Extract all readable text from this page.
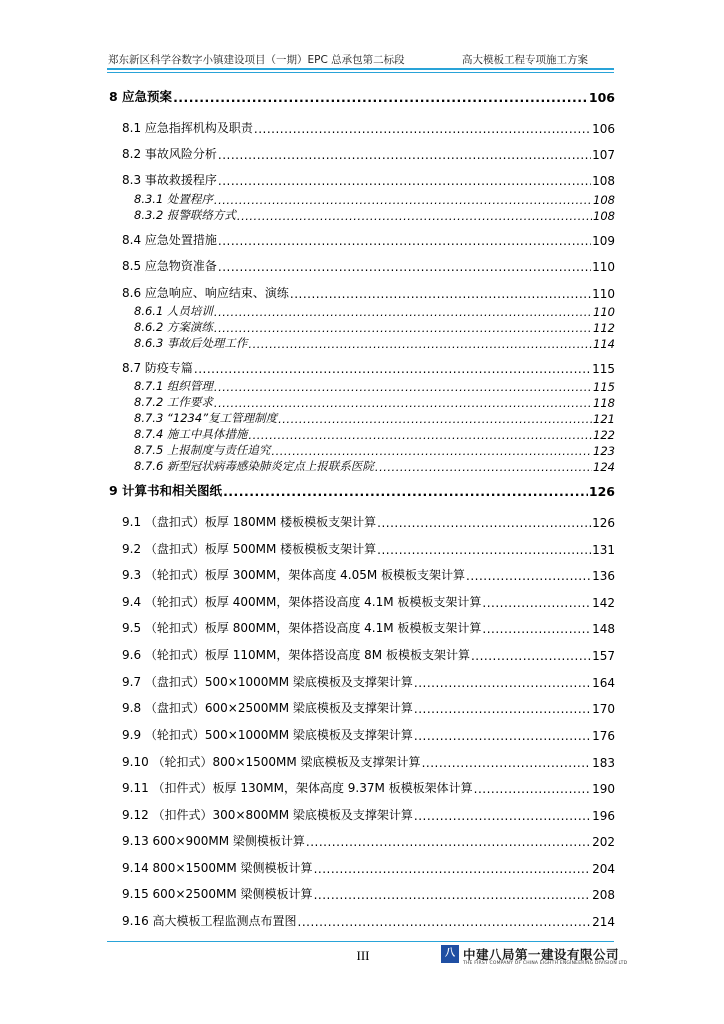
郑东新区科学谷数字小镇建设项目（一期）EPC 总承包第二标段	高大模板工程专项施工方案
8 应急预案 .....	106
8.1 应急指挥机构及职责 .....	106
8.2 事故风险分析 .....	107
8.3 事故救援程序 .....	108
8.3.1 处置程序 .....	108
8.3.2 报警联络方式 .....	108
8.4 应急处置措施 .....	109
8.5 应急物资准备 .....	110
8.6 应急响应、响应结束、演练 .....	110
8.6.1 人员培训 .....	110
8.6.2 方案演练 .....	112
8.6.3 事故后处理工作 .....	114
8.7 防疫专篇 .....	115
8.7.1 组织管理 .....	115
8.7.2 工作要求 .....	118
8.7.3 “1234”复工管理制度 .....	121
8.7.4 施工中具体措施 .....	122
8.7.5 上报制度与责任追究 .....	123
8.7.6 新型冠状病毒感染肺炎定点上报联系医院 .....	124
9 计算书和相关图纸 .....	126
9.1 （盘扣式）板厚 180MM 楼板模板支架计算 .....	126
9.2 （盘扣式）板厚 500MM 楼板模板支架计算 .....	131
9.3 （轮扣式）板厚 300MM，架体高度 4.05M 板模板支架计算 .....	136
9.4 （轮扣式）板厚 400MM，架体搭设高度 4.1M 板模板支架计算 .....	142
9.5 （轮扣式）板厚 800MM，架体搭设高度 4.1M 板模板支架计算 .....	148
9.6 （轮扣式）板厚 110MM，架体搭设高度 8M 板模板支架计算 .....	157
9.7 （盘扣式）500×1000MM 梁底模板及支撑架计算 .....	164
9.8 （盘扣式）600×2500MM 梁底模板及支撑架计算 .....	170
9.9 （轮扣式）500×1000MM 梁底模板及支撑架计算 .....	176
9.10 （轮扣式）800×1500MM 梁底模板及支撑架计算 .....	183
9.11 （扣件式）板厚 130MM，架体高度 9.37M 板模板架体计算 .....	190
9.12 （扣件式）300×800MM 梁底模板及支撑架计算 .....	196
9.13 600×900MM 梁侧模板计算 .....	202
9.14 800×1500MM 梁侧模板计算 .....	204
9.15 600×2500MM 梁侧模板计算 .....	208
9.16 高大模板工程监测点布置图 .....	214
III	八 中建八局第一建设有限公司
THE FIRST COMPANY OF CHINA EIGHTH ENGINEERING DIVISION LTD
